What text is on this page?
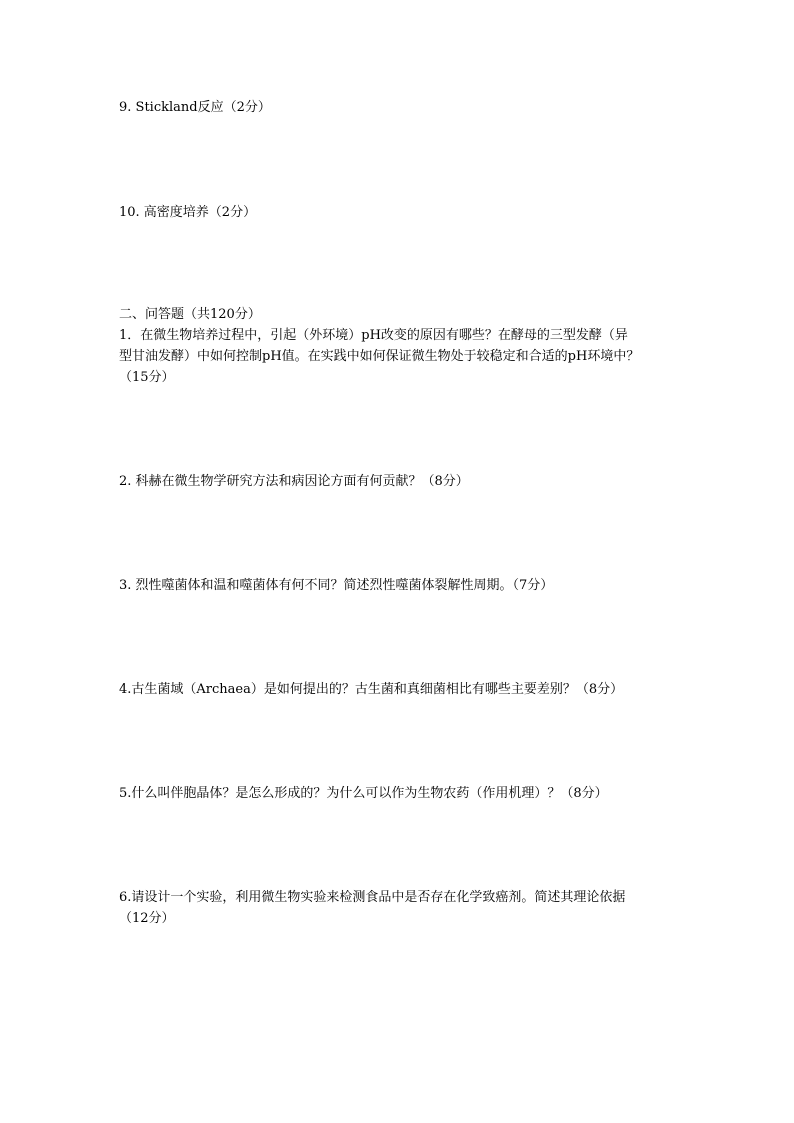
9. Stickland反应（2分）
10. 高密度培养（2分）
二、问答题（共120分）
1．在微生物培养过程中，引起（外环境）pH改变的原因有哪些？在酵母的三型发酵（异
型甘油发酵）中如何控制pH值。在实践中如何保证微生物处于较稳定和合适的pH环境中？
（15分）
2. 科赫在微生物学研究方法和病因论方面有何贡献？（8分）
3. 烈性噬菌体和温和噬菌体有何不同？简述烈性噬菌体裂解性周期。（7分）
4.古生菌域（Archaea）是如何提出的？古生菌和真细菌相比有哪些主要差别？（8分）
5.什么叫伴胞晶体？是怎么形成的？为什么可以作为生物农药（作用机理）？（8分）
6.请设计一个实验，利用微生物实验来检测食品中是否存在化学致癌剂。简述其理论依据
（12分）
